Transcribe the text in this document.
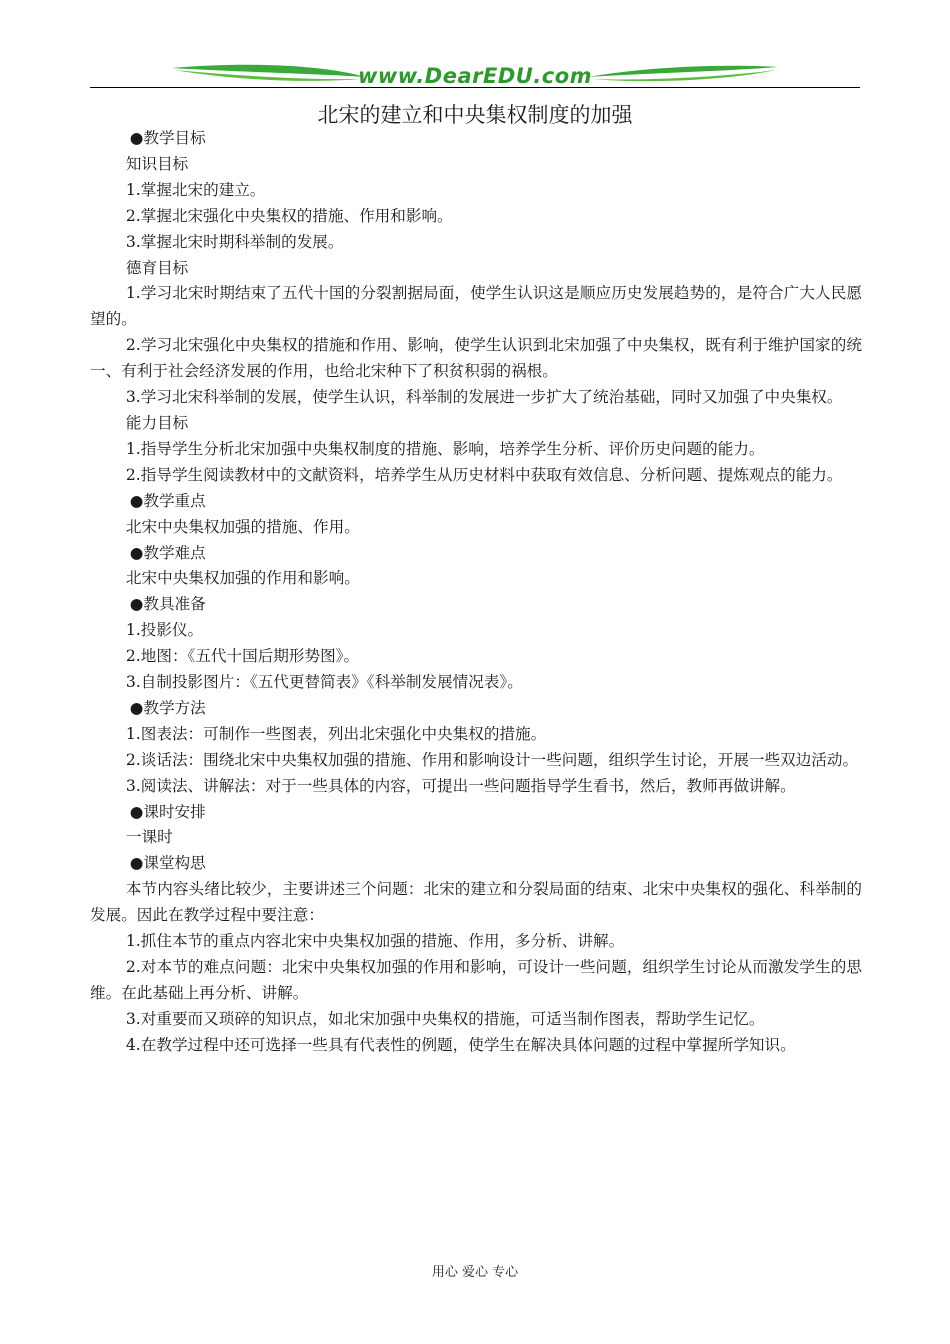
www.DearEDU.com
北宋的建立和中央集权制度的加强

●教学目标

知识目标

1.掌握北宋的建立。

2.掌握北宋强化中央集权的措施、作用和影响。

3.掌握北宋时期科举制的发展。

德育目标

1.学习北宋时期结束了五代十国的分裂割据局面，使学生认识这是顺应历史发展趋势的，是符合广大人民愿望的。

2.学习北宋强化中央集权的措施和作用、影响，使学生认识到北宋加强了中央集权，既有利于维护国家的统一、有利于社会经济发展的作用，也给北宋种下了积贫积弱的祸根。

3.学习北宋科举制的发展，使学生认识，科举制的发展进一步扩大了统治基础，同时又加强了中央集权。

能力目标

1.指导学生分析北宋加强中央集权制度的措施、影响，培养学生分析、评价历史问题的能力。

2.指导学生阅读教材中的文献资料，培养学生从历史材料中获取有效信息、分析问题、提炼观点的能力。

●教学重点

北宋中央集权加强的措施、作用。

●教学难点

北宋中央集权加强的作用和影响。

●教具准备

1.投影仪。

2.地图：《五代十国后期形势图》。

3.自制投影图片：《五代更替简表》《科举制发展情况表》。

●教学方法

1.图表法：可制作一些图表，列出北宋强化中央集权的措施。

2.谈话法：围绕北宋中央集权加强的措施、作用和影响设计一些问题，组织学生讨论，开展一些双边活动。

3.阅读法、讲解法：对于一些具体的内容，可提出一些问题指导学生看书，然后，教师再做讲解。

●课时安排

一课时

●课堂构思

本节内容头绪比较少，主要讲述三个问题：北宋的建立和分裂局面的结束、北宋中央集权的强化、科举制的发展。因此在教学过程中要注意：

1.抓住本节的重点内容北宋中央集权加强的措施、作用，多分析、讲解。

2.对本节的难点问题：北宋中央集权加强的作用和影响，可设计一些问题，组织学生讨论从而激发学生的思维。在此基础上再分析、讲解。

3.对重要而又琐碎的知识点，如北宋加强中央集权的措施，可适当制作图表，帮助学生记忆。

4.在教学过程中还可选择一些具有代表性的例题，使学生在解决具体问题的过程中掌握所学知识。

用心 爱心 专心
